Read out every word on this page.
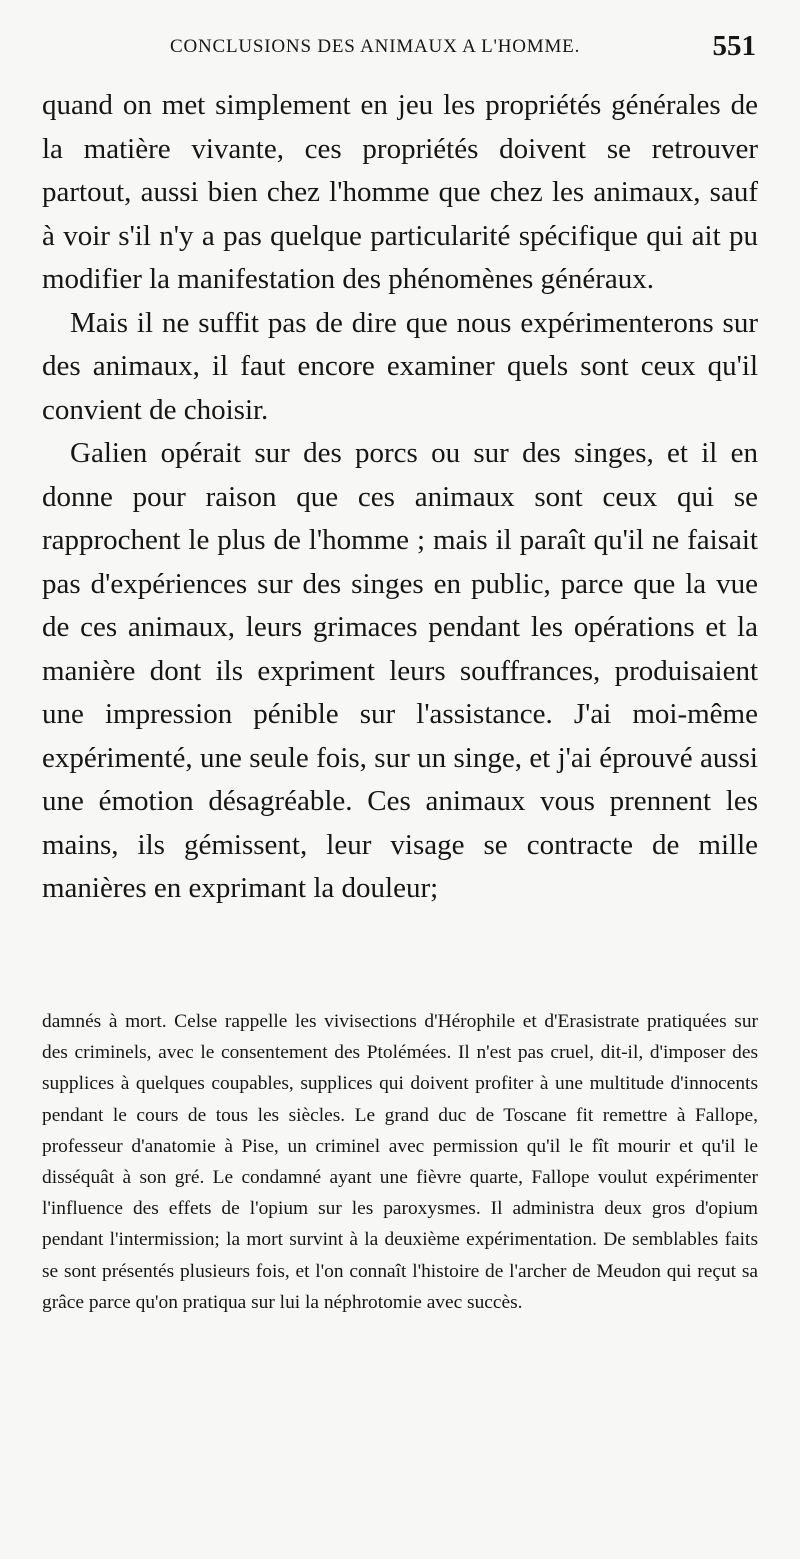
CONCLUSIONS DES ANIMAUX A L'HOMME.	551

quand on met simplement en jeu les propriétés générales de la matière vivante, ces propriétés doivent se retrouver partout, aussi bien chez l'homme que chez les animaux, sauf à voir s'il n'y a pas quelque particularité spécifique qui ait pu modifier la manifestation des phénomènes généraux.

Mais il ne suffit pas de dire que nous expérimenterons sur des animaux, il faut encore examiner quels sont ceux qu'il convient de choisir.

Galien opérait sur des porcs ou sur des singes, et il en donne pour raison que ces animaux sont ceux qui se rapprochent le plus de l'homme ; mais il paraît qu'il ne faisait pas d'expériences sur des singes en public, parce que la vue de ces animaux, leurs grimaces pendant les opérations et la manière dont ils expriment leurs souffrances, produisaient une impression pénible sur l'assistance. J'ai moi-même expérimenté, une seule fois, sur un singe, et j'ai éprouvé aussi une émotion désagréable. Ces animaux vous prennent les mains, ils gémissent, leur visage se contracte de mille manières en exprimant la douleur;

damnés à mort. Celse rappelle les vivisections d'Hérophile et d'Erasistrate pratiquées sur des criminels, avec le consentement des Ptolémées. Il n'est pas cruel, dit-il, d'imposer des supplices à quelques coupables, supplices qui doivent profiter à une multitude d'innocents pendant le cours de tous les siècles. Le grand duc de Toscane fit remettre à Fallope, professeur d'anatomie à Pise, un criminel avec permission qu'il le fît mourir et qu'il le disséquât à son gré. Le condamné ayant une fièvre quarte, Fallope voulut expérimenter l'influence des effets de l'opium sur les paroxysmes. Il administra deux gros d'opium pendant l'intermission; la mort survint à la deuxième expérimentation. De semblables faits se sont présentés plusieurs fois, et l'on connaît l'histoire de l'archer de Meudon qui reçut sa grâce parce qu'on pratiqua sur lui la néphrotomie avec succès.
